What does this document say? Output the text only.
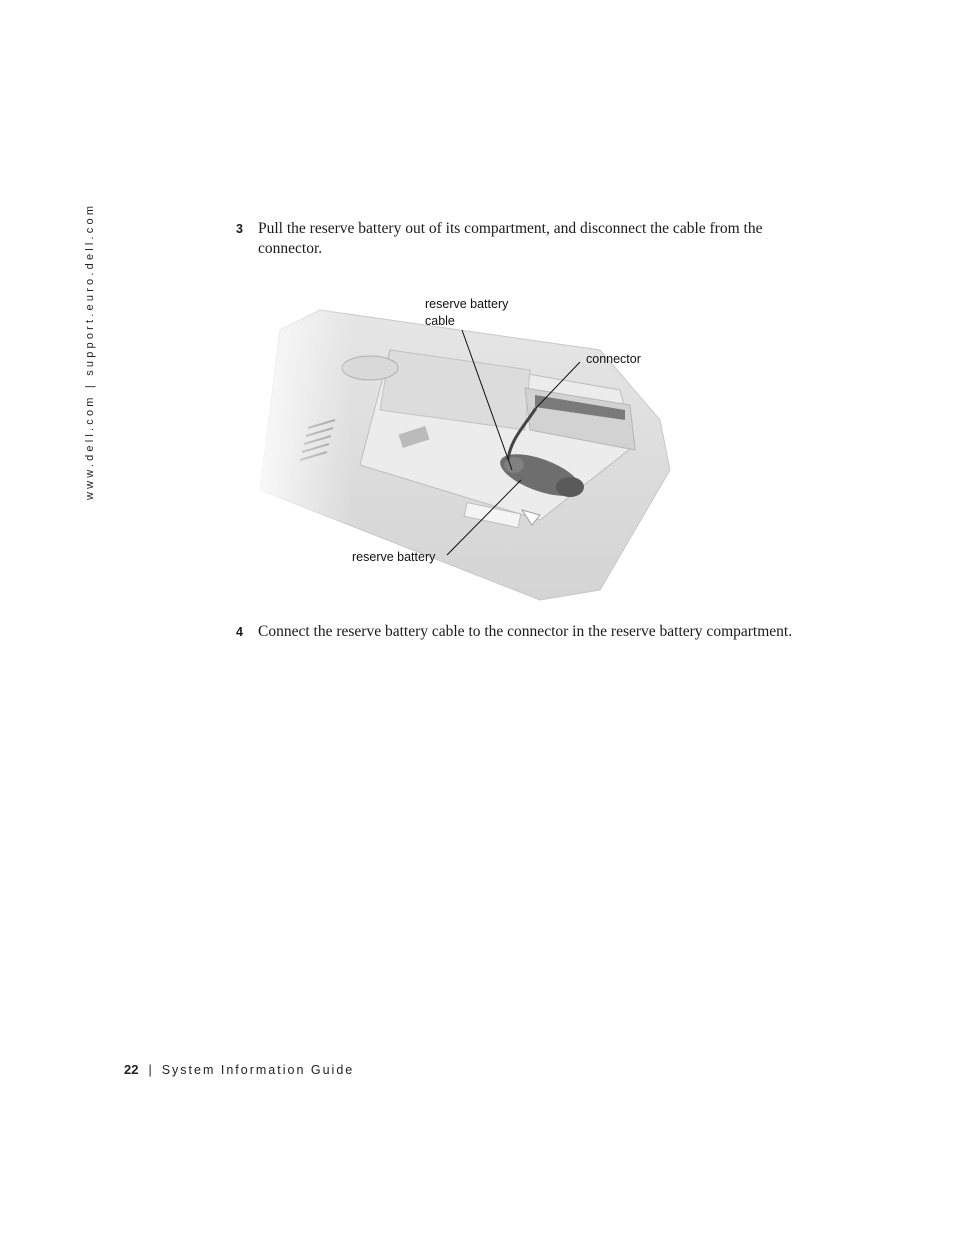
www.dell.com | support.euro.dell.com	3 Pull the reserve battery out of its compartment, and disconnect the cable from the connector.
reserve battery
cable
connector
reserve battery
4 Connect the reserve battery cable to the connector in the reserve battery compartment.
22 | System Information Guide
